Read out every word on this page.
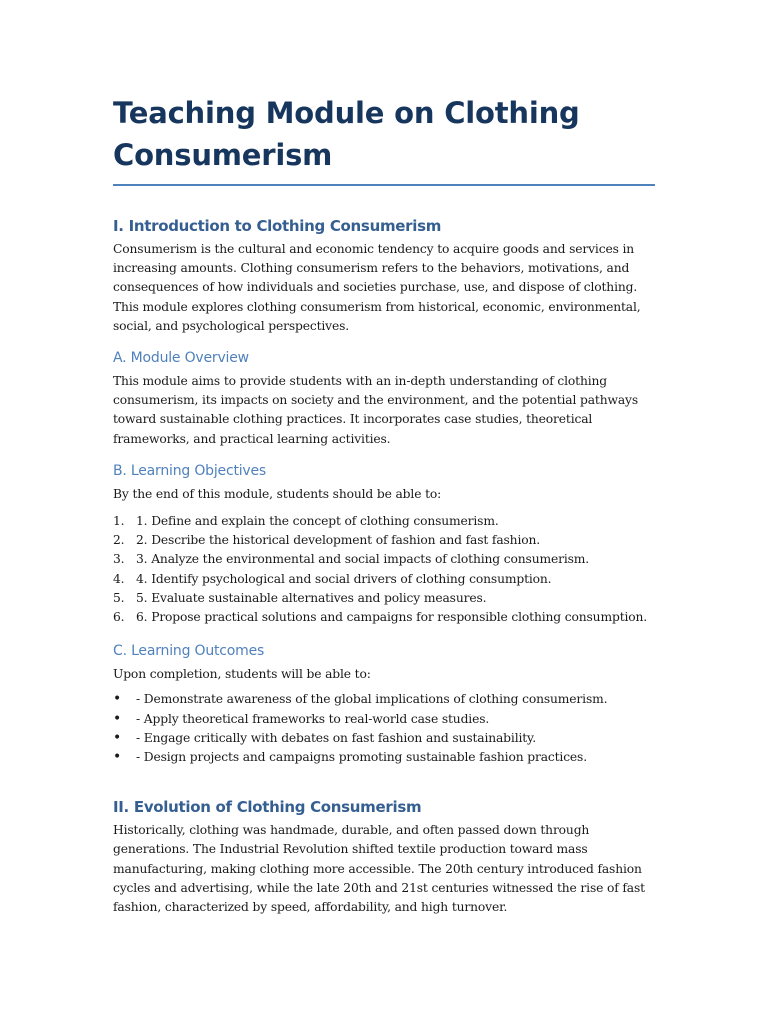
Teaching Module on Clothing
Consumerism
I. Introduction to Clothing Consumerism

Consumerism is the cultural and economic tendency to acquire goods and services in increasing amounts. Clothing consumerism refers to the behaviors, motivations, and consequences of how individuals and societies purchase, use, and dispose of clothing. This module explores clothing consumerism from historical, economic, environmental, social, and psychological perspectives.

A. Module Overview

This module aims to provide students with an in-depth understanding of clothing consumerism, its impacts on society and the environment, and the potential pathways toward sustainable clothing practices. It incorporates case studies, theoretical frameworks, and practical learning activities.

B. Learning Objectives

By the end of this module, students should be able to:

1. 1. Define and explain the concept of clothing consumerism.
2. 2. Describe the historical development of fashion and fast fashion.
3. 3. Analyze the environmental and social impacts of clothing consumerism.
4. 4. Identify psychological and social drivers of clothing consumption.
5. 5. Evaluate sustainable alternatives and policy measures.
6. 6. Propose practical solutions and campaigns for responsible clothing consumption.
C. Learning Outcomes

Upon completion, students will be able to:

• - Demonstrate awareness of the global implications of clothing consumerism.
• - Apply theoretical frameworks to real-world case studies.
• - Engage critically with debates on fast fashion and sustainability.
• - Design projects and campaigns promoting sustainable fashion practices.
II. Evolution of Clothing Consumerism

Historically, clothing was handmade, durable, and often passed down through generations. The Industrial Revolution shifted textile production toward mass manufacturing, making clothing more accessible. The 20th century introduced fashion cycles and advertising, while the late 20th and 21st centuries witnessed the rise of fast fashion, characterized by speed, affordability, and high turnover.
